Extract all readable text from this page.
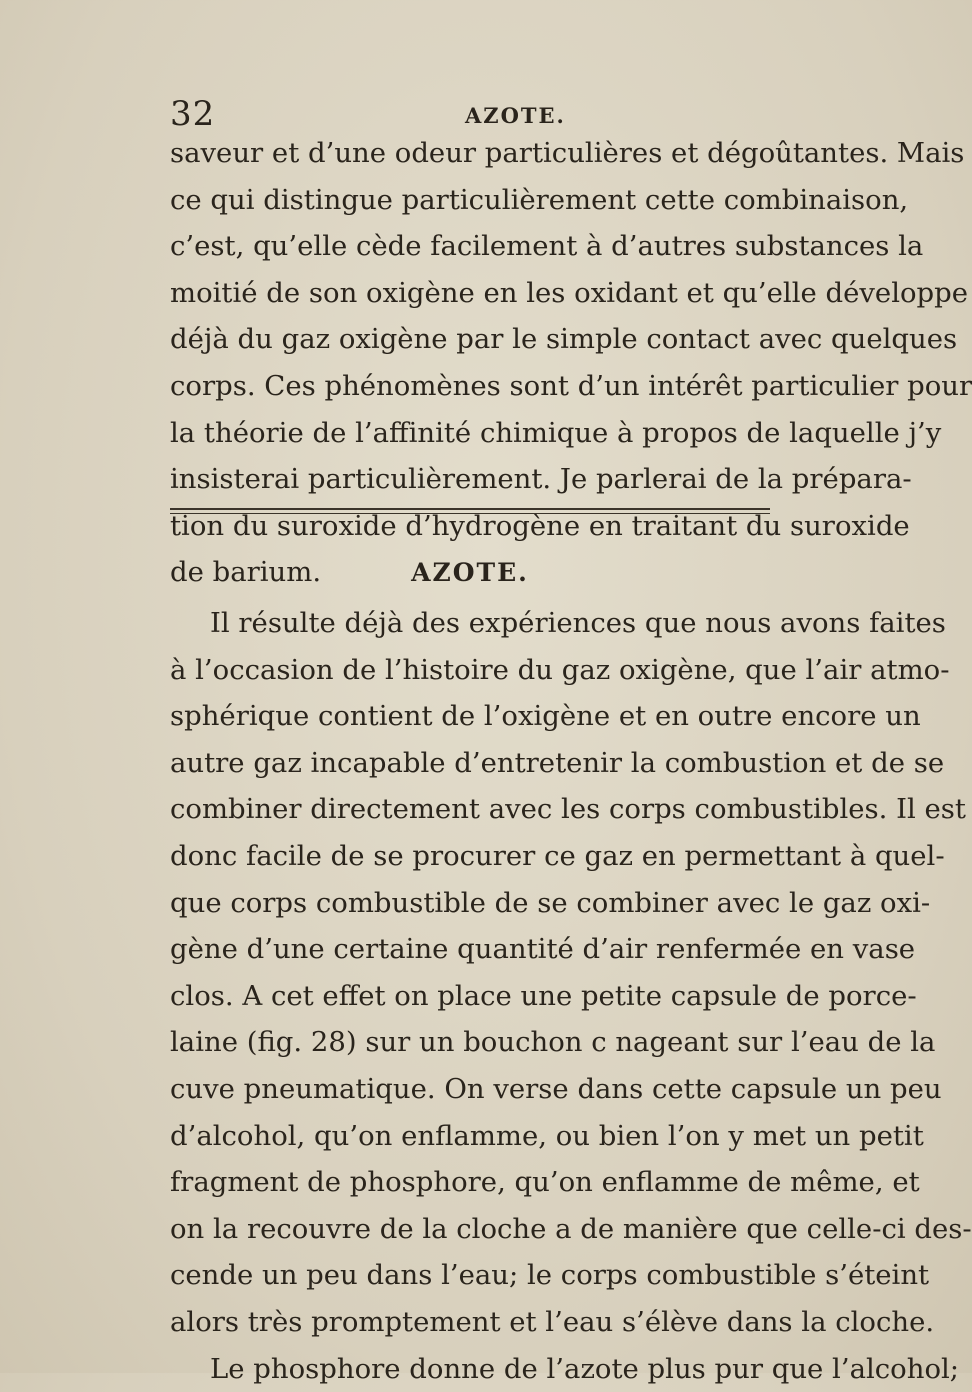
32	AZOTE.
saveur et d’une odeur particulières et dégoûtantes. Mais
ce qui distingue particulièrement cette combinaison,
c’est, qu’elle cède facilement à d’autres substances la
moitié de son oxigène en les oxidant et qu’elle développe
déjà du gaz oxigène par le simple contact avec quelques
corps. Ces phénomènes sont d’un intérêt particulier pour
la théorie de l’affinité chimique à propos de laquelle j’y
insisterai particulièrement. Je parlerai de la prépara-
tion du suroxide d’hydrogène en traitant du suroxide
de barium.	AZOTE.
Il résulte déjà des expériences que nous avons faites
à l’occasion de l’histoire du gaz oxigène, que l’air atmo-
sphérique contient de l’oxigène et en outre encore un
autre gaz incapable d’entretenir la combustion et de se
combiner directement avec les corps combustibles. Il est
donc facile de se procurer ce gaz en permettant à quel-
que corps combustible de se combiner avec le gaz oxi-
gène d’une certaine quantité d’air renfermée en vase
clos. A cet effet on place une petite capsule de porce-
laine (fig. 28) sur un bouchon c nageant sur l’eau de la
cuve pneumatique. On verse dans cette capsule un peu
d’alcohol, qu’on enflamme, ou bien l’on y met un petit
fragment de phosphore, qu’on enflamme de même, et
on la recouvre de la cloche a de manière que celle-ci des-
cende un peu dans l’eau; le corps combustible s’éteint
alors très promptement et l’eau s’élève dans la cloche.
Le phosphore donne de l’azote plus pur que l’alcohol;
